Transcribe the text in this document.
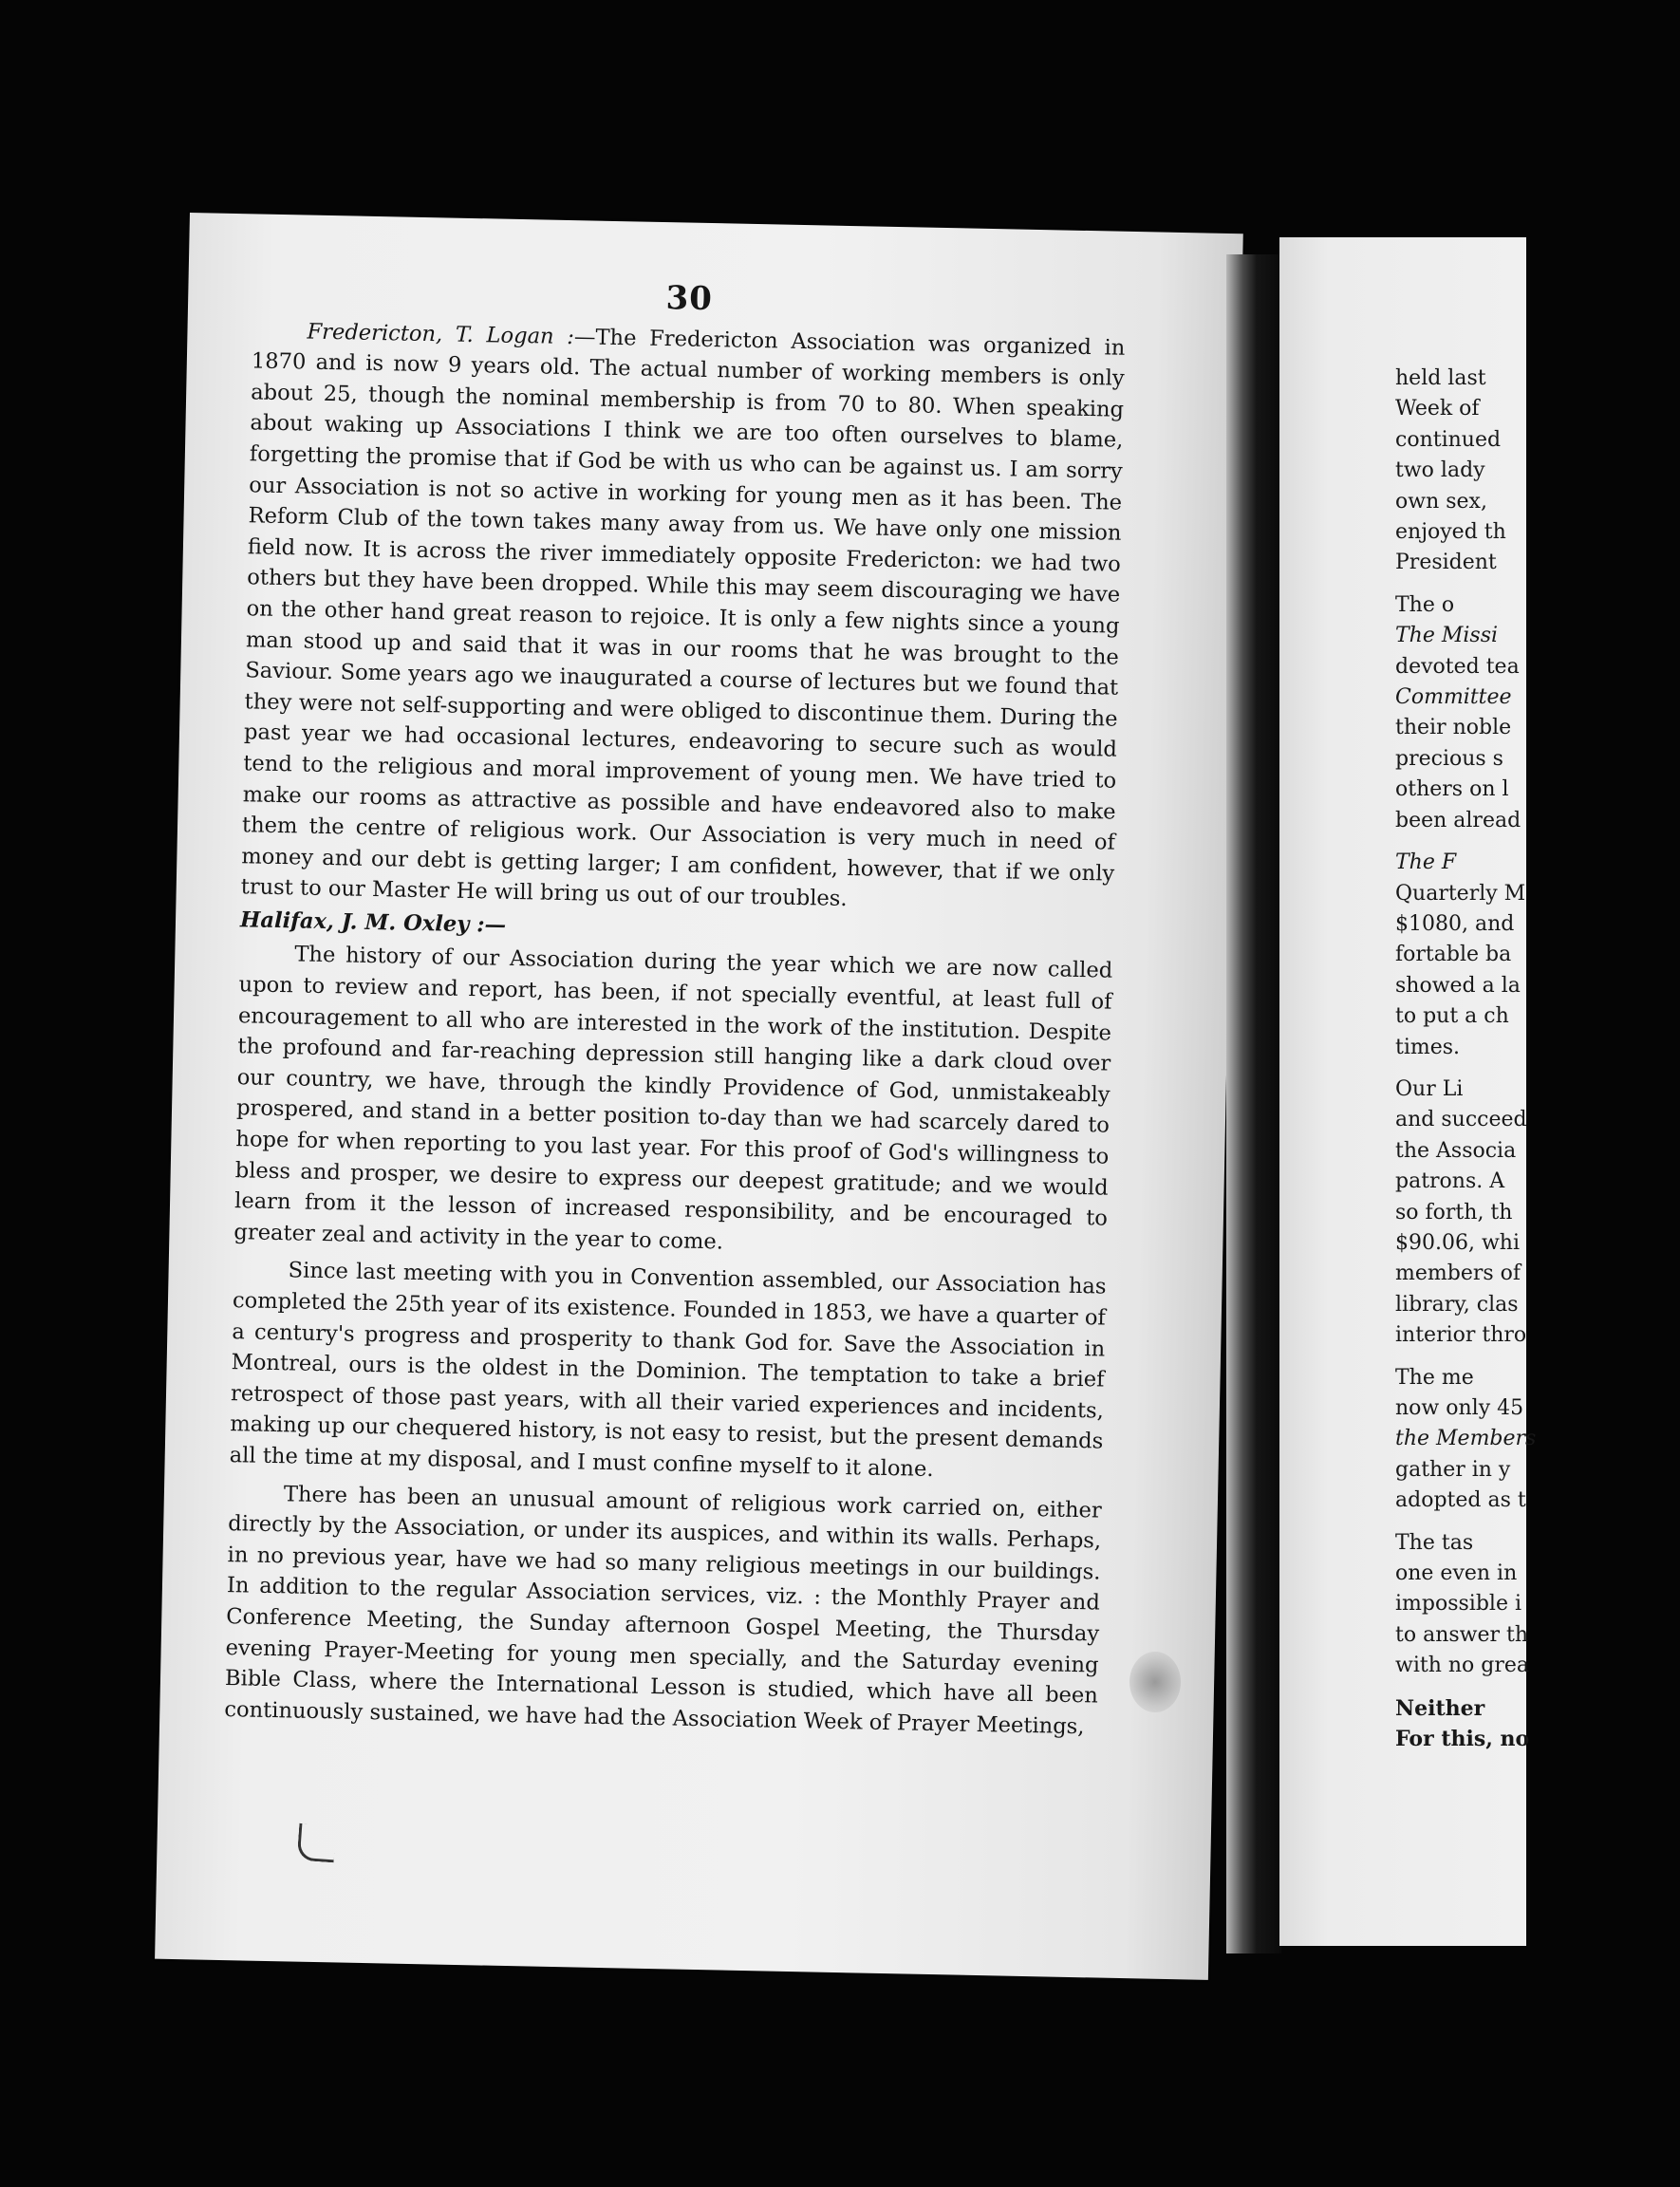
30

Fredericton, T. Logan :—The Fredericton Association was organized in 1870 and is now 9 years old. The actual number of working members is only about 25, though the nominal membership is from 70 to 80. When speaking about waking up Associations I think we are too often ourselves to blame, forgetting the promise that if God be with us who can be against us. I am sorry our Association is not so active in working for young men as it has been. The Reform Club of the town takes many away from us. We have only one mission field now. It is across the river immediately opposite Fredericton: we had two others but they have been dropped. While this may seem discouraging we have on the other hand great reason to rejoice. It is only a few nights since a young man stood up and said that it was in our rooms that he was brought to the Saviour. Some years ago we inaugurated a course of lectures but we found that they were not self-supporting and were obliged to discontinue them. During the past year we had occasional lectures, endeavoring to secure such as would tend to the religious and moral improvement of young men. We have tried to make our rooms as attractive as possible and have endeavored also to make them the centre of religious work. Our Association is very much in need of money and our debt is getting larger; I am confident, however, that if we only trust to our Master He will bring us out of our troubles.

Halifax, J. M. Oxley :—

The history of our Association during the year which we are now called upon to review and report, has been, if not specially eventful, at least full of encouragement to all who are interested in the work of the institution. Despite the profound and far-reaching depression still hanging like a dark cloud over our country, we have, through the kindly Providence of God, unmistakeably prospered, and stand in a better position to-day than we had scarcely dared to hope for when reporting to you last year. For this proof of God's willingness to bless and prosper, we desire to express our deepest gratitude; and we would learn from it the lesson of increased responsibility, and be encouraged to greater zeal and activity in the year to come.

Since last meeting with you in Convention assembled, our Association has completed the 25th year of its existence. Founded in 1853, we have a quarter of a century's progress and prosperity to thank God for. Save the Association in Montreal, ours is the oldest in the Dominion. The temptation to take a brief retrospect of those past years, with all their varied experiences and incidents, making up our chequered history, is not easy to resist, but the present demands all the time at my disposal, and I must confine myself to it alone.

There has been an unusual amount of religious work carried on, either directly by the Association, or under its auspices, and within its walls. Perhaps, in no previous year, have we had so many religious meetings in our buildings. In addition to the regular Association services, viz. : the Monthly Prayer and Conference Meeting, the Sunday afternoon Gospel Meeting, the Thursday evening Prayer-Meeting for young men specially, and the Saturday evening Bible Class, where the International Lesson is studied, which have all been continuously sustained, we have had the Association Week of Prayer Meetings,

held last
Week of
continued
two lady
own sex,
enjoyed th
President
The o
The Missi
devoted tea
Committee
their noble
precious s
others on l
been alread
The F
Quarterly M
$1080, and
fortable ba
showed a la
to put a ch
times.
Our Li
and succeed
the Associa
patrons. A
so forth, th
$90.06, whi
members of
library, clas
interior thro
The me
now only 45
the Members
gather in y
adopted as t
The tas
one even in
impossible i
to answer th
with no grea
Neither
For this, no
